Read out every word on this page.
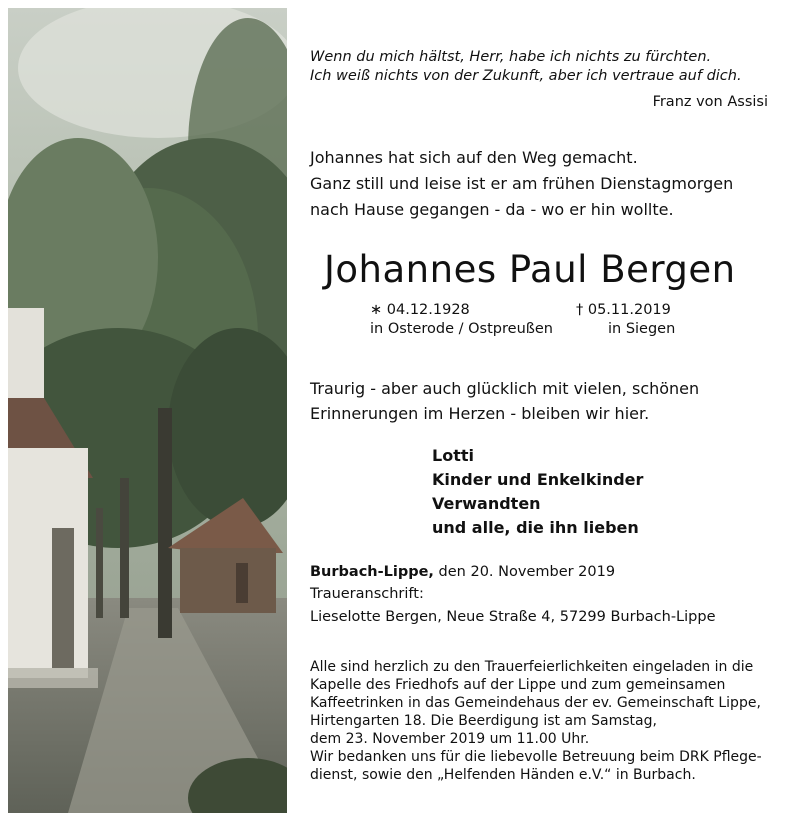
Wenn du mich hältst, Herr, habe ich nichts zu fürchten.
Ich weiß nichts von der Zukunft, aber ich vertraue auf dich.
Franz von Assisi
Johannes hat sich auf den Weg gemacht.
Ganz still und leise ist er am frühen Dienstagmorgen
nach Hause gegangen - da - wo er hin wollte.
Johannes Paul Bergen
∗ 04.12.1928
in Osterode / Ostpreußen
† 05.11.2019
in Siegen
Traurig - aber auch glücklich mit vielen, schönen
Erinnerungen im Herzen - bleiben wir hier.
Lotti
Kinder und Enkelkinder
Verwandten
und alle, die ihn lieben
Burbach-Lippe, den 20. November 2019
Traueranschrift:
Lieselotte Bergen, Neue Straße 4, 57299 Burbach-Lippe
Alle sind herzlich zu den Trauerfeierlichkeiten eingeladen in die
Kapelle des Friedhofs auf der Lippe und zum gemeinsamen
Kaffeetrinken in das Gemeindehaus der ev. Gemeinschaft Lippe,
Hirtengarten 18. Die Beerdigung ist am Samstag,
dem 23. November 2019 um 11.00 Uhr.
Wir bedanken uns für die liebevolle Betreuung beim DRK Pflege-
dienst, sowie den „Helfenden Händen e.V.“ in Burbach.
